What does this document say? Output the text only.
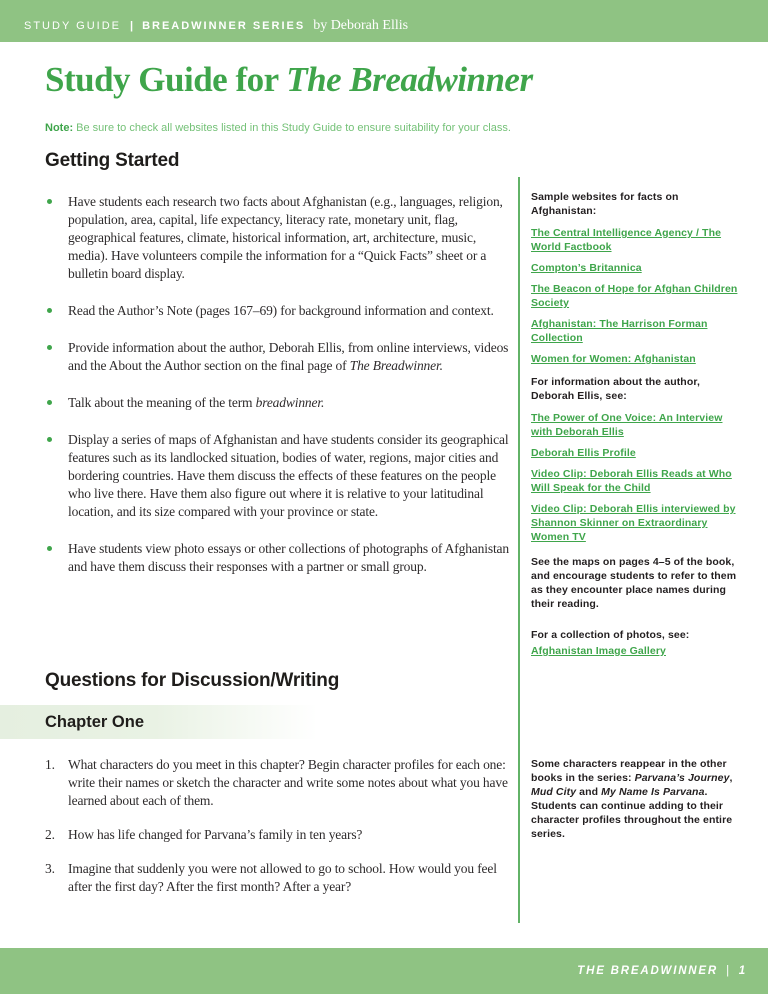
STUDY GUIDE | BREADWINNER SERIES by Deborah Ellis
Study Guide for The Breadwinner
Note: Be sure to check all websites listed in this Study Guide to ensure suitability for your class.
Getting Started
Have students each research two facts about Afghanistan (e.g., languages, religion, population, area, capital, life expectancy, literacy rate, monetary unit, flag, geographical features, climate, historical information, art, architecture, music, media). Have volunteers compile the information for a “Quick Facts” sheet or a bulletin board display.
Read the Author’s Note (pages 167–69) for background information and context.
Provide information about the author, Deborah Ellis, from online interviews, videos and the About the Author section on the final page of The Breadwinner.
Talk about the meaning of the term breadwinner.
Display a series of maps of Afghanistan and have students consider its geographical features such as its landlocked situation, bodies of water, regions, major cities and bordering countries. Have them discuss the effects of these features on the people who live there. Have them also figure out where it is relative to your latitudinal location, and its size compared with your province or state.
Have students view photo essays or other collections of photographs of Afghanistan and have them discuss their responses with a partner or small group.
Questions for Discussion/Writing
Chapter One
1. What characters do you meet in this chapter? Begin character profiles for each one: write their names or sketch the character and write some notes about what you have learned about each of them.
2. How has life changed for Parvana’s family in ten years?
3. Imagine that suddenly you were not allowed to go to school. How would you feel after the first day? After the first month? After a year?

Sample websites for facts on Afghanistan:

The Central Intelligence Agency / The World Factbook
Compton’s Britannica
The Beacon of Hope for Afghan Children Society
Afghanistan: The Harrison Forman Collection
Women for Women: Afghanistan

For information about the author, Deborah Ellis, see:

The Power of One Voice: An Interview with Deborah Ellis
Deborah Ellis Profile
Video Clip: Deborah Ellis Reads at Who Will Speak for the Child
Video Clip: Deborah Ellis interviewed by Shannon Skinner on Extraordinary Women TV

See the maps on pages 4–5 of the book, and encourage students to refer to them as they encounter place names during their reading.

For a collection of photos, see:

Afghanistan Image Gallery

Some characters reappear in the other books in the series: Parvana’s Journey, Mud City and My Name Is Parvana. Students can continue adding to their character profiles throughout the entire series.

THE BREADWINNER | 1
